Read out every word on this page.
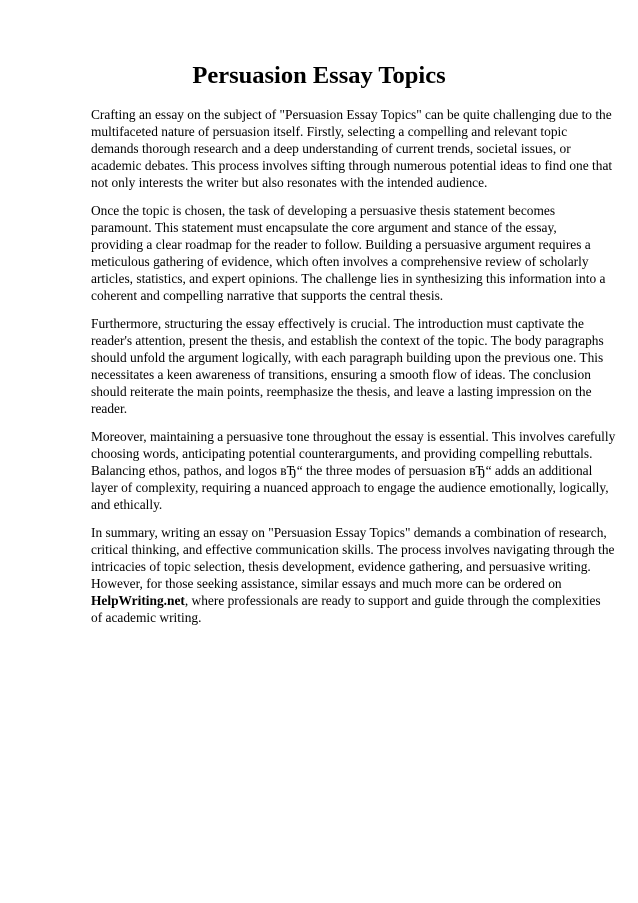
Persuasion Essay Topics

Crafting an essay on the subject of "Persuasion Essay Topics" can be quite challenging due to the
multifaceted nature of persuasion itself. Firstly, selecting a compelling and relevant topic
demands thorough research and a deep understanding of current trends, societal issues, or
academic debates. This process involves sifting through numerous potential ideas to find one that
not only interests the writer but also resonates with the intended audience.

Once the topic is chosen, the task of developing a persuasive thesis statement becomes
paramount. This statement must encapsulate the core argument and stance of the essay,
providing a clear roadmap for the reader to follow. Building a persuasive argument requires a
meticulous gathering of evidence, which often involves a comprehensive review of scholarly
articles, statistics, and expert opinions. The challenge lies in synthesizing this information into a
coherent and compelling narrative that supports the central thesis.

Furthermore, structuring the essay effectively is crucial. The introduction must captivate the
reader's attention, present the thesis, and establish the context of the topic. The body paragraphs
should unfold the argument logically, with each paragraph building upon the previous one. This
necessitates a keen awareness of transitions, ensuring a smooth flow of ideas. The conclusion
should reiterate the main points, reemphasize the thesis, and leave a lasting impression on the
reader.

Moreover, maintaining a persuasive tone throughout the essay is essential. This involves carefully
choosing words, anticipating potential counterarguments, and providing compelling rebuttals.
Balancing ethos, pathos, and logos вЂ“ the three modes of persuasion вЂ“ adds an additional
layer of complexity, requiring a nuanced approach to engage the audience emotionally, logically,
and ethically.

In summary, writing an essay on "Persuasion Essay Topics" demands a combination of research,
critical thinking, and effective communication skills. The process involves navigating through the
intricacies of topic selection, thesis development, evidence gathering, and persuasive writing.
However, for those seeking assistance, similar essays and much more can be ordered on
HelpWriting.net, where professionals are ready to support and guide through the complexities
of academic writing.
